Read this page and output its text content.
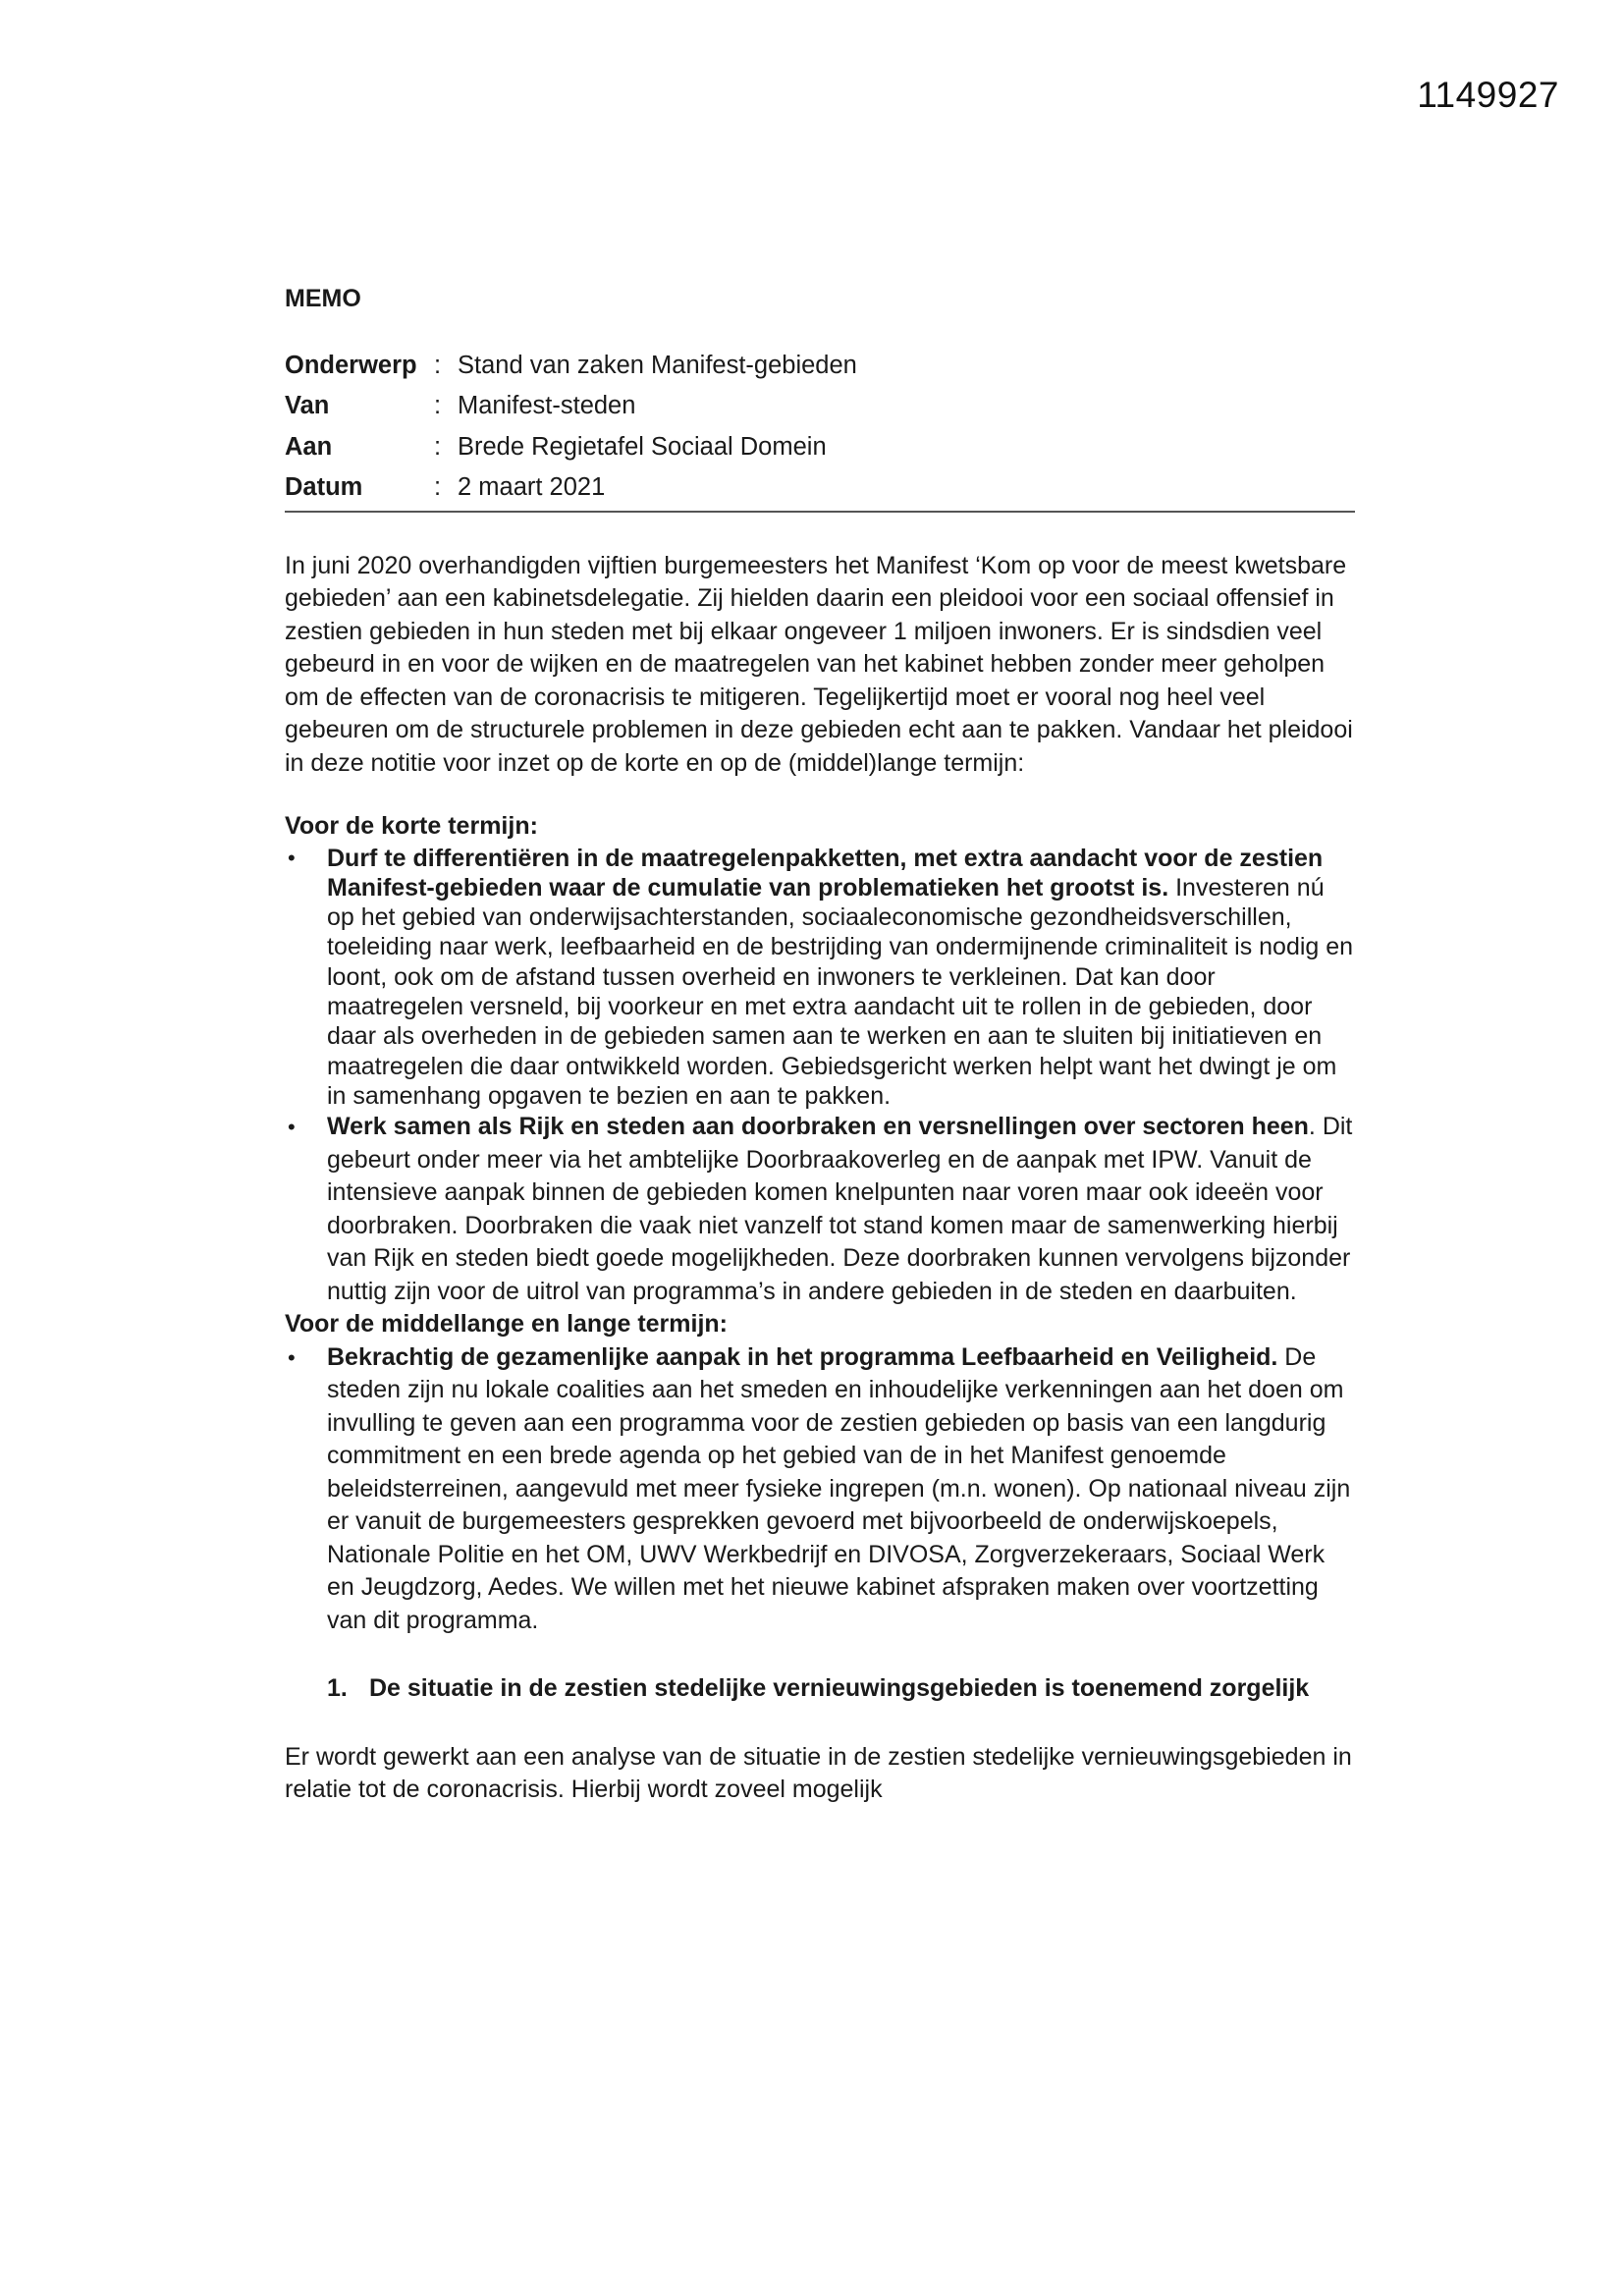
1149927
MEMO
Onderwerp	:	Stand van zaken Manifest-gebieden
Van	:	Manifest-steden
Aan	:	Brede Regietafel Sociaal Domein
Datum	:	2 maart 2021

In juni 2020 overhandigden vijftien burgemeesters het Manifest ‘Kom op voor de meest kwetsbare gebieden’ aan een kabinetsdelegatie. Zij hielden daarin een pleidooi voor een sociaal offensief in zestien gebieden in hun steden met bij elkaar ongeveer 1 miljoen inwoners. Er is sindsdien veel gebeurd in en voor de wijken en de maatregelen van het kabinet hebben zonder meer geholpen om de effecten van de coronacrisis te mitigeren. Tegelijkertijd moet er vooral nog heel veel gebeuren om de structurele problemen in deze gebieden echt aan te pakken. Vandaar het pleidooi in deze notitie voor inzet op de korte en op de (middel)lange termijn:

Voor de korte termijn:
• Durf te differentiëren in de maatregelenpakketten, met extra aandacht voor de zestien Manifest-gebieden waar de cumulatie van problematieken het grootst is. Investeren nú op het gebied van onderwijsachterstanden, sociaaleconomische gezondheidsverschillen, toeleiding naar werk, leefbaarheid en de bestrijding van ondermijnende criminaliteit is nodig en loont, ook om de afstand tussen overheid en inwoners te verkleinen. Dat kan door maatregelen versneld, bij voorkeur en met extra aandacht uit te rollen in de gebieden, door daar als overheden in de gebieden samen aan te werken en aan te sluiten bij initiatieven en maatregelen die daar ontwikkeld worden. Gebiedsgericht werken helpt want het dwingt je om in samenhang opgaven te bezien en aan te pakken.
• Werk samen als Rijk en steden aan doorbraken en versnellingen over sectoren heen. Dit gebeurt onder meer via het ambtelijke Doorbraakoverleg en de aanpak met IPW. Vanuit de intensieve aanpak binnen de gebieden komen knelpunten naar voren maar ook ideeën voor doorbraken. Doorbraken die vaak niet vanzelf tot stand komen maar de samenwerking hierbij van Rijk en steden biedt goede mogelijkheden. Deze doorbraken kunnen vervolgens bijzonder nuttig zijn voor de uitrol van programma’s in andere gebieden in de steden en daarbuiten.
Voor de middellange en lange termijn:
• Bekrachtig de gezamenlijke aanpak in het programma Leefbaarheid en Veiligheid. De steden zijn nu lokale coalities aan het smeden en inhoudelijke verkenningen aan het doen om invulling te geven aan een programma voor de zestien gebieden op basis van een langdurig commitment en een brede agenda op het gebied van de in het Manifest genoemde beleidsterreinen, aangevuld met meer fysieke ingrepen (m.n. wonen). Op nationaal niveau zijn er vanuit de burgemeesters gesprekken gevoerd met bijvoorbeeld de onderwijskoepels, Nationale Politie en het OM, UWV Werkbedrijf en DIVOSA, Zorgverzekeraars, Sociaal Werk en Jeugdzorg, Aedes. We willen met het nieuwe kabinet afspraken maken over voortzetting van dit programma.
1. De situatie in de zestien stedelijke vernieuwingsgebieden is toenemend zorgelijk

Er wordt gewerkt aan een analyse van de situatie in de zestien stedelijke vernieuwingsgebieden in relatie tot de coronacrisis. Hierbij wordt zoveel mogelijk
